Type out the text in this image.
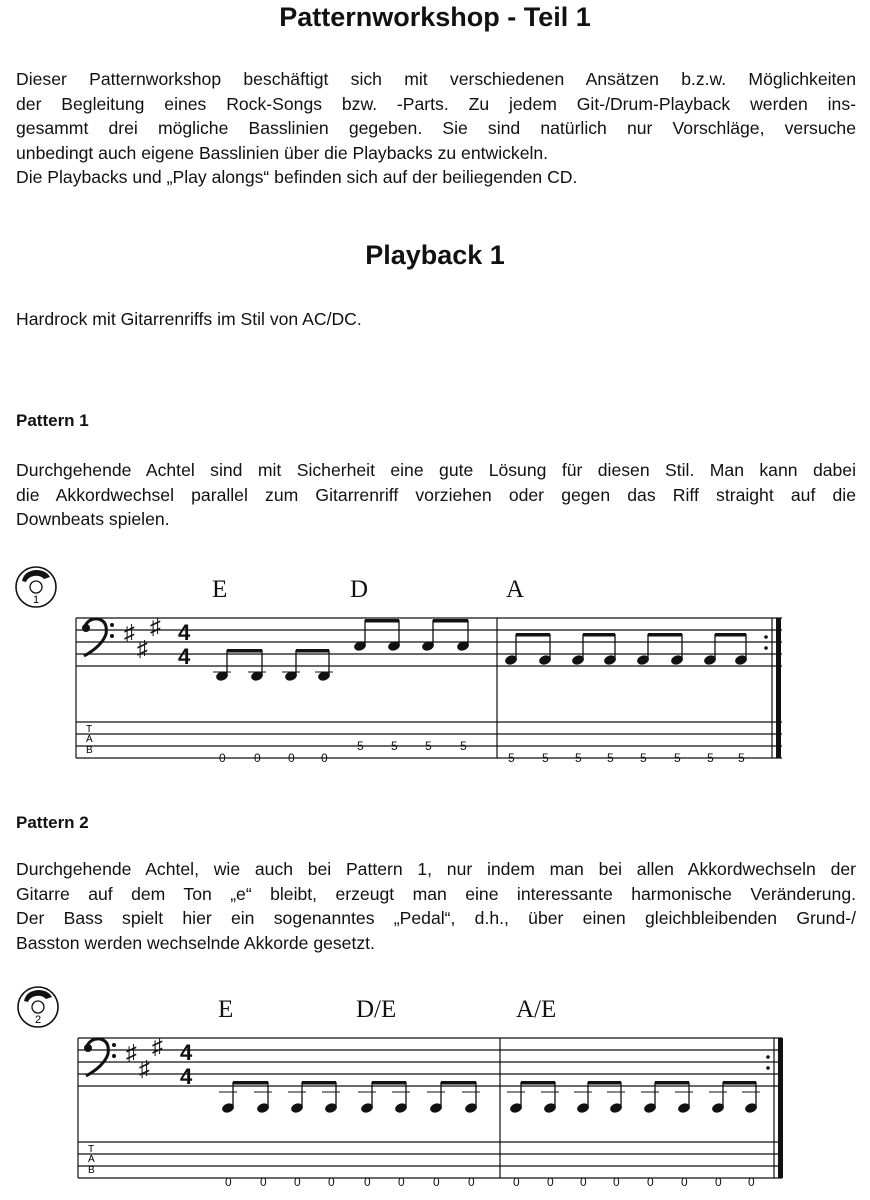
Patternworkshop - Teil 1
Dieser Patternworkshop beschäftigt sich mit verschiedenen Ansätzen b.z.w. Möglichkeiten
der Begleitung eines Rock-Songs bzw. -Parts. Zu jedem Git-/Drum-Playback werden ins-
gesammt drei mögliche Basslinien gegeben. Sie sind natürlich nur Vorschläge, versuche
unbedingt auch eigene Basslinien über die Playbacks zu entwickeln.
Die Playbacks und „Play alongs“ befinden sich auf der beiliegenden CD.
Playback 1
Hardrock mit Gitarrenriffs im Stil von AC/DC.
Pattern 1
Durchgehende Achtel sind mit Sicherheit eine gute Lösung für diesen Stil. Man kann dabei
die Akkordwechsel parallel zum Gitarrenriff vorziehen oder gegen das Riff straight auf die
Downbeats spielen.
1	E	D	A
♯
♯
♯ 4
4
T
A
B
0 0 0 0
5 5 5 5
5 5 5 5 5 5 5 5
Pattern 2
Durchgehende Achtel, wie auch bei Pattern 1, nur indem man bei allen Akkordwechseln der
Gitarre auf dem Ton „e“ bleibt, erzeugt man eine interessante harmonische Veränderung.
Der Bass spielt hier ein sogenanntes „Pedal“, d.h., über einen gleichbleibenden Grund-/
Basston werden wechselnde Akkorde gesetzt.
2	E	D/E	A/E
♯
♯
♯ 4
4
T
A
B
0 0 0 0 0 0 0 0	0 0 0 0 0 0 0 0
